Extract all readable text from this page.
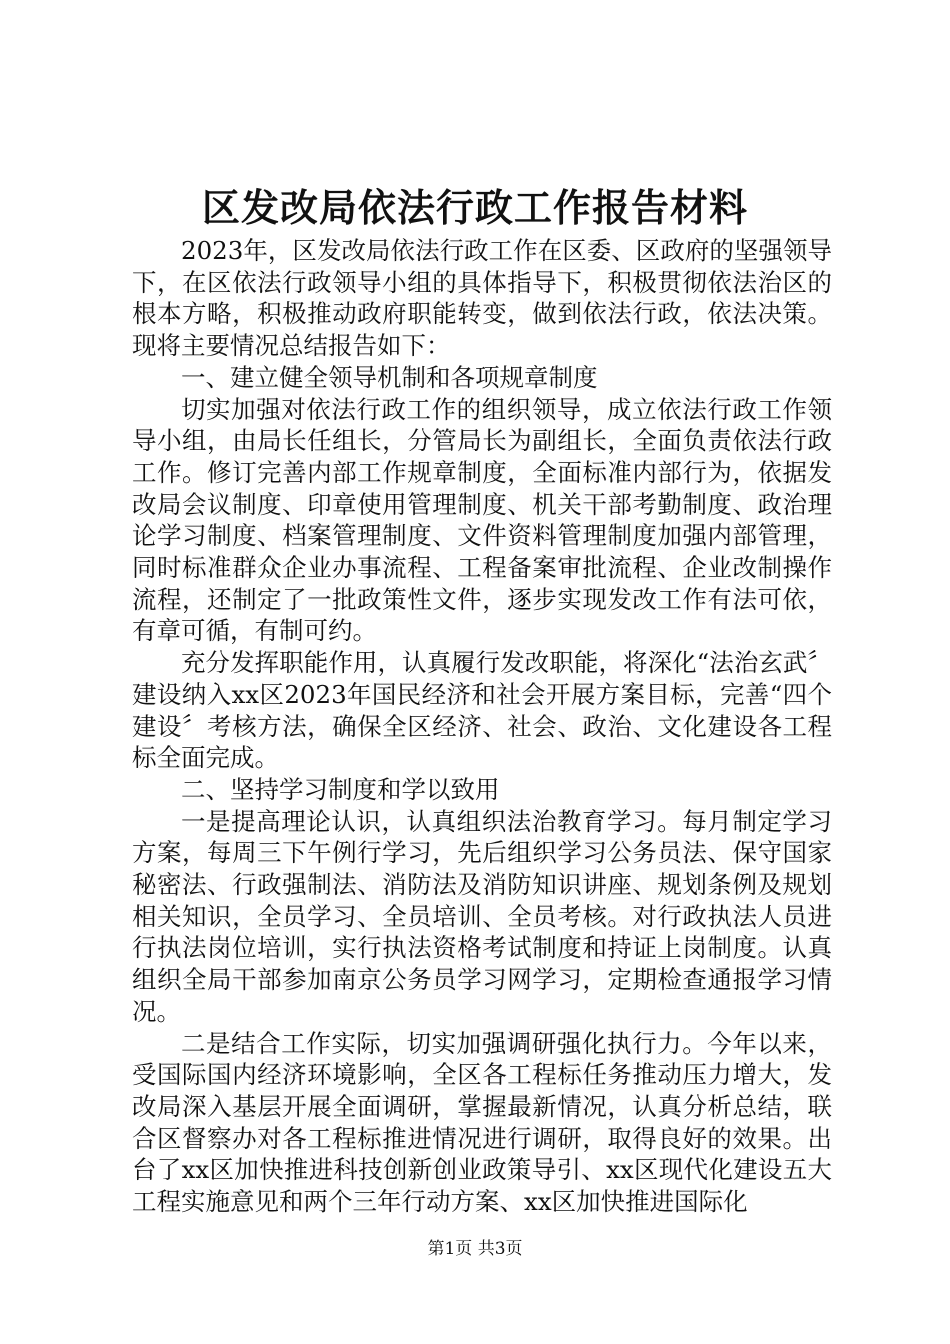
区发改局依法行政工作报告材料

2023年，区发改局依法行政工作在区委、区政府的坚强领导下，在区依法行政领导小组的具体指导下，积极贯彻依法治区的根本方略，积极推动政府职能转变，做到依法行政，依法决策。现将主要情况总结报告如下：

一、建立健全领导机制和各项规章制度

切实加强对依法行政工作的组织领导，成立依法行政工作领导小组，由局长任组长，分管局长为副组长，全面负责依法行政工作。修订完善内部工作规章制度，全面标准内部行为，依据发改局会议制度、印章使用管理制度、机关干部考勤制度、政治理论学习制度、档案管理制度、文件资料管理制度加强内部管理，同时标准群众企业办事流程、工程备案审批流程、企业改制操作流程，还制定了一批政策性文件，逐步实现发改工作有法可依，有章可循，有制可约。

充分发挥职能作用，认真履行发改职能，将深化“法治玄武〞建设纳入xx区2023年国民经济和社会开展方案目标，完善“四个建设〞考核方法，确保全区经济、社会、政治、文化建设各工程标全面完成。

二、坚持学习制度和学以致用

一是提高理论认识，认真组织法治教育学习。每月制定学习方案，每周三下午例行学习，先后组织学习公务员法、保守国家秘密法、行政强制法、消防法及消防知识讲座、规划条例及规划相关知识，全员学习、全员培训、全员考核。对行政执法人员进行执法岗位培训，实行执法资格考试制度和持证上岗制度。认真组织全局干部参加南京公务员学习网学习，定期检查通报学习情况。

二是结合工作实际，切实加强调研强化执行力。今年以来，受国际国内经济环境影响，全区各工程标任务推动压力增大，发改局深入基层开展全面调研，掌握最新情况，认真分析总结，联合区督察办对各工程标推进情况进行调研，取得良好的效果。出台了xx区加快推进科技创新创业政策导引、xx区现代化建设五大工程实施意见和两个三年行动方案、xx区加快推进国际化

第1页 共3页
